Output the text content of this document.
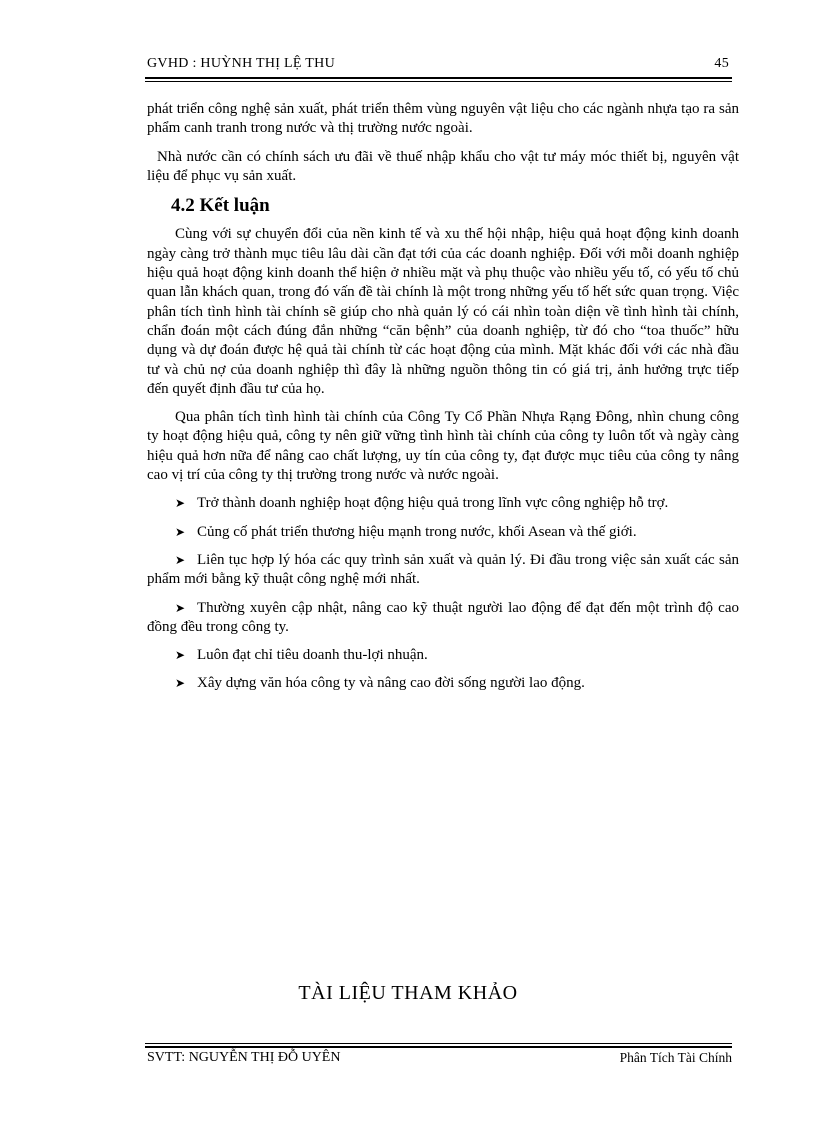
GVHD : HUỲNH THỊ LỆ THU	45

phát triển công nghệ sản xuất, phát triển thêm vùng nguyên vật liệu cho các ngành nhựa tạo ra sản phẩm canh tranh trong nước và thị trường nước ngoài.

Nhà nước cần có chính sách ưu đãi về thuế nhập khẩu cho vật tư máy móc thiết bị, nguyên vật liệu để phục vụ sản xuất.

4.2 Kết luận

Cùng với sự chuyển đổi của nền kinh tế và xu thế hội nhập, hiệu quả hoạt động kinh doanh ngày càng trở thành mục tiêu lâu dài cần đạt tới của các doanh nghiệp. Đối với mỗi doanh nghiệp hiệu quả hoạt động kinh doanh thể hiện ở nhiều mặt và phụ thuộc vào nhiều yếu tố, có yếu tố chủ quan lẫn khách quan, trong đó vấn đề tài chính là một trong những yếu tố hết sức quan trọng. Việc phân tích tình hình tài chính sẽ giúp cho nhà quản lý có cái nhìn toàn diện về tình hình tài chính, chẩn đoán một cách đúng đắn những “căn bệnh” của doanh nghiệp, từ đó cho “toa thuốc” hữu dụng và dự đoán được hệ quả tài chính từ các hoạt động của mình. Mặt khác đối với các nhà đầu tư và chủ nợ của doanh nghiệp thì đây là những nguồn thông tin có giá trị, ảnh hưởng trực tiếp đến quyết định đầu tư của họ.

Qua phân tích tình hình tài chính của Công Ty Cổ Phần Nhựa Rạng Đông, nhìn chung công ty hoạt động hiệu quả, công ty nên giữ vững tình hình tài chính của công ty luôn tốt và ngày càng hiệu quả hơn nữa để nâng cao chất lượng, uy tín của công ty, đạt được mục tiêu của công ty nâng cao vị trí của công ty thị trường trong nước và nước ngoài.

➤ Trở thành doanh nghiệp hoạt động hiệu quả trong lĩnh vực công nghiệp hỗ trợ.

➤ Củng cố phát triển thương hiệu mạnh trong nước, khối Asean và thế giới.

➤ Liên tục hợp lý hóa các quy trình sản xuất và quản lý. Đi đầu trong việc sản xuất các sản phẩm mới bằng kỹ thuật công nghệ mới nhất.

➤ Thường xuyên cập nhật, nâng cao kỹ thuật người lao động để đạt đến một trình độ cao đồng đều trong công ty.

➤ Luôn đạt chỉ tiêu doanh thu-lợi nhuận.

➤ Xây dựng văn hóa công ty và nâng cao đời sống người lao động.

TÀI LIỆU THAM KHẢO
SVTT: NGUYỄN THỊ ĐỖ UYÊN	Phân Tích Tài Chính
